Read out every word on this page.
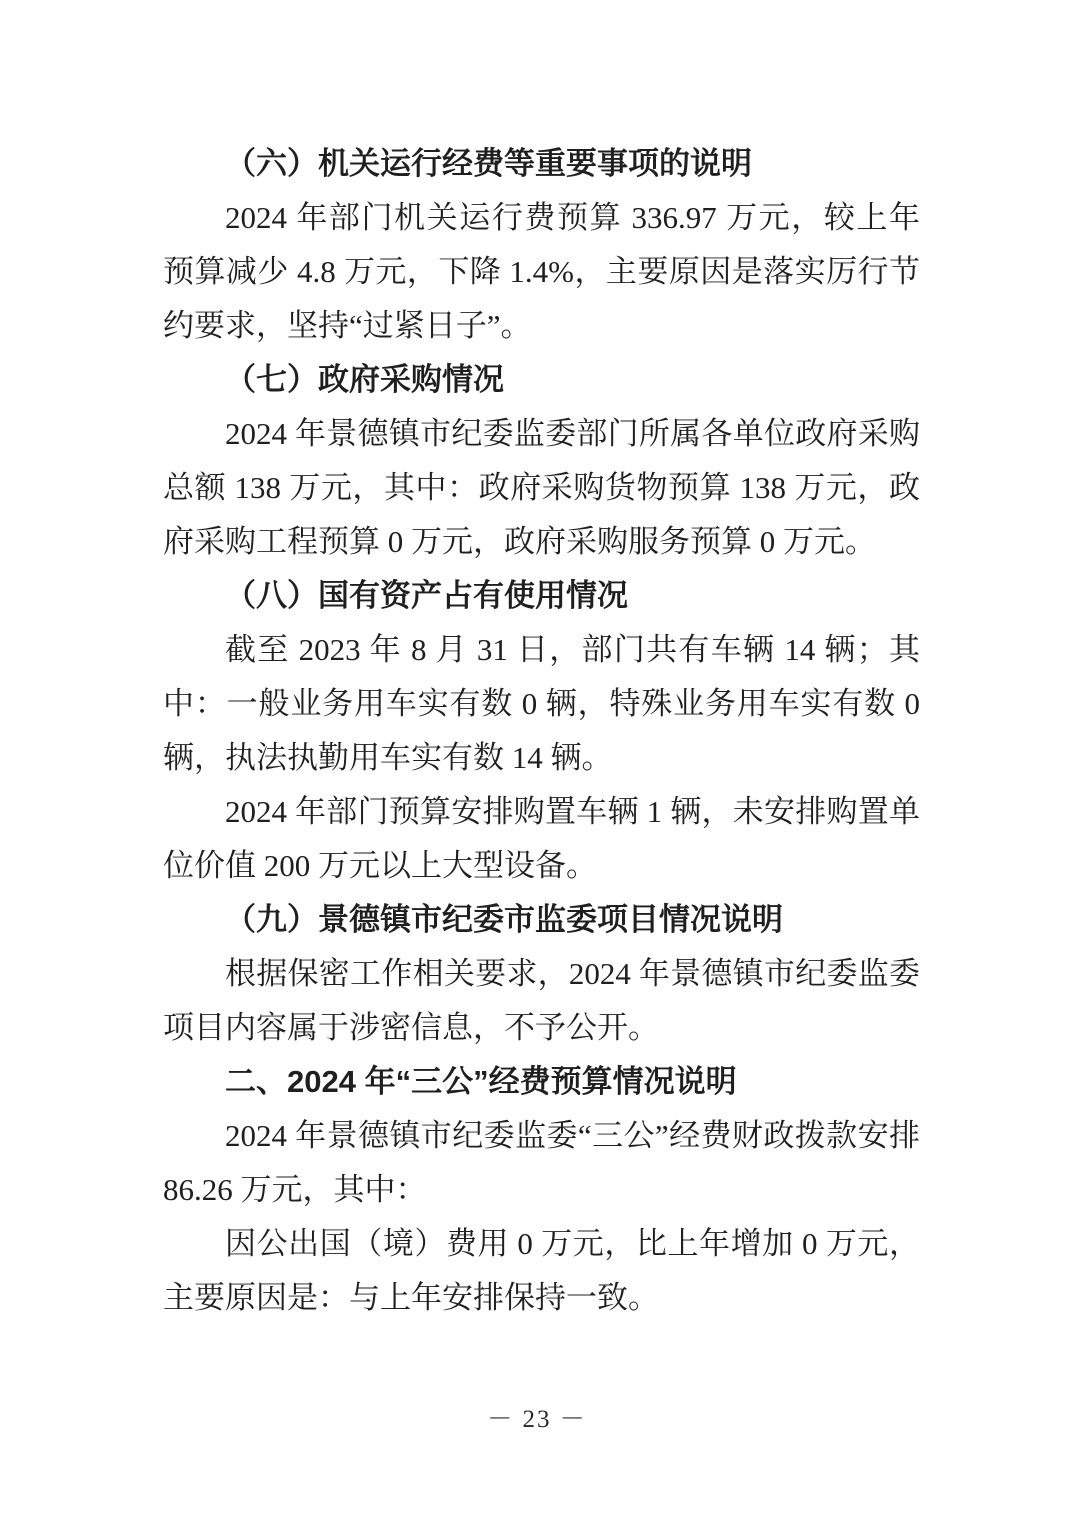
（六）机关运行经费等重要事项的说明

2024 年部门机关运行费预算 336.97 万元，较上年预算减少 4.8 万元，下降 1.4%，主要原因是落实厉行节约要求，坚持“过紧日子”。

（七）政府采购情况

2024 年景德镇市纪委监委部门所属各单位政府采购总额 138 万元，其中：政府采购货物预算 138 万元，政府采购工程预算 0 万元，政府采购服务预算 0 万元。

（八）国有资产占有使用情况

截至 2023 年 8 月 31 日，部门共有车辆 14 辆；其中：一般业务用车实有数 0 辆，特殊业务用车实有数 0 辆，执法执勤用车实有数 14 辆。

2024 年部门预算安排购置车辆 1 辆，未安排购置单位价值 200 万元以上大型设备。

（九）景德镇市纪委市监委项目情况说明

根据保密工作相关要求，2024 年景德镇市纪委监委项目内容属于涉密信息，不予公开。

二、2024 年“三公”经费预算情况说明

2024 年景德镇市纪委监委“三公”经费财政拨款安排 86.26 万元，其中：

因公出国（境）费用 0 万元，比上年增加 0 万元，主要原因是：与上年安排保持一致。

－ 23 －
